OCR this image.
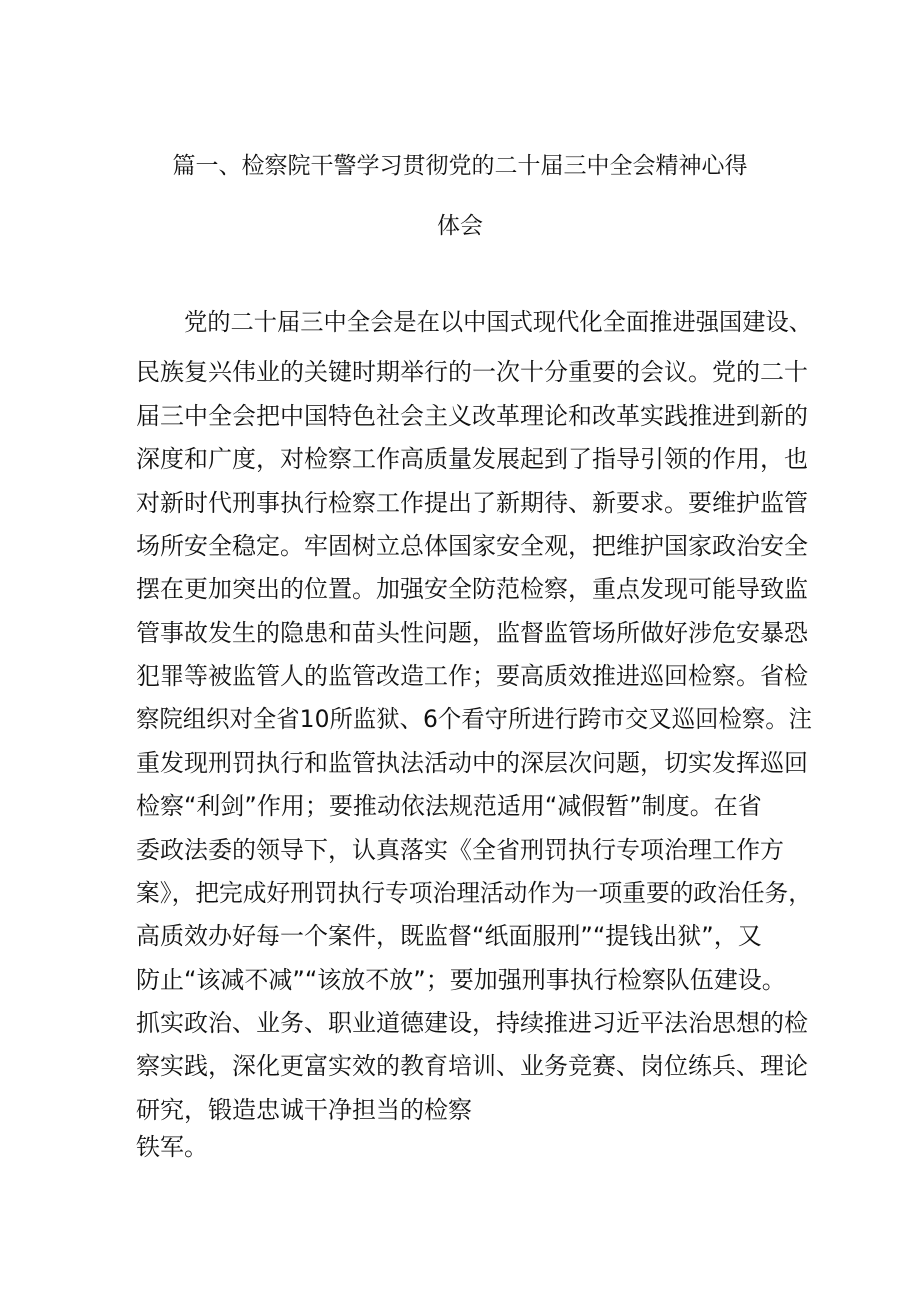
篇一、检察院干警学习贯彻党的二十届三中全会精神心得
体会
党的二十届三中全会是在以中国式现代化全面推进强国建设、
民族复兴伟业的关键时期举行的一次十分重要的会议。党的二十
届三中全会把中国特色社会主义改革理论和改革实践推进到新的
深度和广度，对检察工作高质量发展起到了指导引领的作用，也
对新时代刑事执行检察工作提出了新期待、新要求。要维护监管
场所安全稳定。牢固树立总体国家安全观，把维护国家政治安全
摆在更加突出的位置。加强安全防范检察，重点发现可能导致监
管事故发生的隐患和苗头性问题，监督监管场所做好涉危安暴恐
犯罪等被监管人的监管改造工作；要高质效推进巡回检察。省检
察院组织对全省10所监狱、6个看守所进行跨市交叉巡回检察。注
重发现刑罚执行和监管执法活动中的深层次问题，切实发挥巡回
检察“利剑”作用；要推动依法规范适用“减假暂”制度。在省
委政法委的领导下，认真落实《全省刑罚执行专项治理工作方
案》，把完成好刑罚执行专项治理活动作为一项重要的政治任务，
高质效办好每一个案件，既监督“纸面服刑”“提钱出狱”，又
防止“该减不减”“该放不放”；要加强刑事执行检察队伍建设。
抓实政治、业务、职业道德建设，持续推进习近平法治思想的检
察实践，深化更富实效的教育培训、业务竞赛、岗位练兵、理论
研究，锻造忠诚干净担当的检察
铁军。
